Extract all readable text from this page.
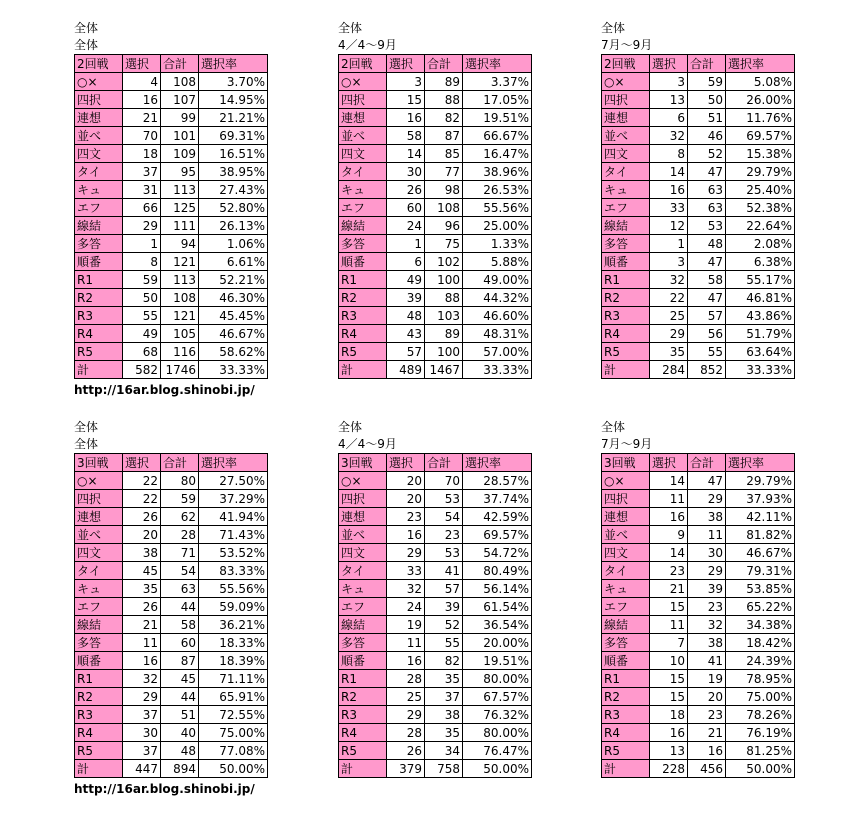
全体
全体
2回戦	選択	合計	選択率
○×	4	108	3.70%
四択	16	107	14.95%
連想	21	99	21.21%
並べ	70	101	69.31%
四文	18	109	16.51%
タイ	37	95	38.95%
キュ	31	113	27.43%
エフ	66	125	52.80%
線結	29	111	26.13%
多答	1	94	1.06%
順番	8	121	6.61%
R1	59	113	52.21%
R2	50	108	46.30%
R3	55	121	45.45%
R4	49	105	46.67%
R5	68	116	58.62%
計	582	1746	33.33%
全体
4／4～9月
2回戦	選択	合計	選択率
○×	3	89	3.37%
四択	15	88	17.05%
連想	16	82	19.51%
並べ	58	87	66.67%
四文	14	85	16.47%
タイ	30	77	38.96%
キュ	26	98	26.53%
エフ	60	108	55.56%
線結	24	96	25.00%
多答	1	75	1.33%
順番	6	102	5.88%
R1	49	100	49.00%
R2	39	88	44.32%
R3	48	103	46.60%
R4	43	89	48.31%
R5	57	100	57.00%
計	489	1467	33.33%
全体
7月～9月
2回戦	選択	合計	選択率
○×	3	59	5.08%
四択	13	50	26.00%
連想	6	51	11.76%
並べ	32	46	69.57%
四文	8	52	15.38%
タイ	14	47	29.79%
キュ	16	63	25.40%
エフ	33	63	52.38%
線結	12	53	22.64%
多答	1	48	2.08%
順番	3	47	6.38%
R1	32	58	55.17%
R2	22	47	46.81%
R3	25	57	43.86%
R4	29	56	51.79%
R5	35	55	63.64%
計	284	852	33.33%
http://16ar.blog.shinobi.jp/
全体
全体
3回戦	選択	合計	選択率
○×	22	80	27.50%
四択	22	59	37.29%
連想	26	62	41.94%
並べ	20	28	71.43%
四文	38	71	53.52%
タイ	45	54	83.33%
キュ	35	63	55.56%
エフ	26	44	59.09%
線結	21	58	36.21%
多答	11	60	18.33%
順番	16	87	18.39%
R1	32	45	71.11%
R2	29	44	65.91%
R3	37	51	72.55%
R4	30	40	75.00%
R5	37	48	77.08%
計	447	894	50.00%
全体
4／4～9月
3回戦	選択	合計	選択率
○×	20	70	28.57%
四択	20	53	37.74%
連想	23	54	42.59%
並べ	16	23	69.57%
四文	29	53	54.72%
タイ	33	41	80.49%
キュ	32	57	56.14%
エフ	24	39	61.54%
線結	19	52	36.54%
多答	11	55	20.00%
順番	16	82	19.51%
R1	28	35	80.00%
R2	25	37	67.57%
R3	29	38	76.32%
R4	28	35	80.00%
R5	26	34	76.47%
計	379	758	50.00%
全体
7月～9月
3回戦	選択	合計	選択率
○×	14	47	29.79%
四択	11	29	37.93%
連想	16	38	42.11%
並べ	9	11	81.82%
四文	14	30	46.67%
タイ	23	29	79.31%
キュ	21	39	53.85%
エフ	15	23	65.22%
線結	11	32	34.38%
多答	7	38	18.42%
順番	10	41	24.39%
R1	15	19	78.95%
R2	15	20	75.00%
R3	18	23	78.26%
R4	16	21	76.19%
R5	13	16	81.25%
計	228	456	50.00%
http://16ar.blog.shinobi.jp/
